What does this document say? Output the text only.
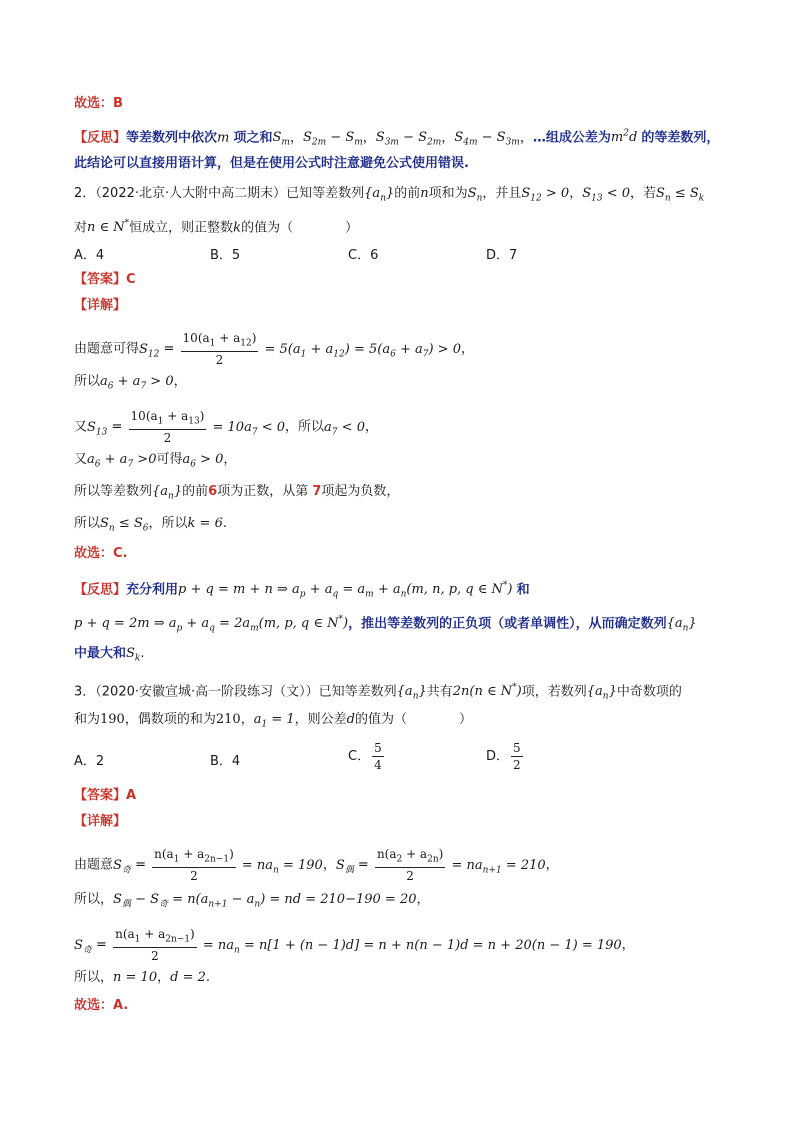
故选：B
【反思】等差数列中依次m 项之和$S_m$，$S_{2m} - S_m$，$S_{3m} - S_{2m}$，$S_{4m} - S_{3m}$，…组成公差为$m^2d$ 的等差数列，
此结论可以直接用语计算，但是在使用公式时注意避免公式使用错误.
2．（2022·北京·人大附中高二期末）已知等差数列$\{a_n\}$的前n项和为$S_n$，并且$S_{12} > 0$，$S_{13} < 0$，若$S_n \le S_k$
对n ∈ N*恒成立，则正整数k的值为（　　　　）
A．4	B．5	C．6	D．7
【答案】C
【详解】
由题意可得$S_{12} = \frac{10(a_1 + a_{12})}{2} = 5(a_1 + a_{12}) = 5(a_6 + a_7) > 0$，
所以$a_6 + a_7 > 0$，
又$S_{13} = \frac{10(a_1 + a_{13})}{2} = 10a_7 < 0$，所以$a_7 < 0$，
又$a_6 + a_7 >0$可得$a_6 > 0$，
所以等差数列$\{a_n\}$的前6项为正数，从第 7项起为负数，
所以$S_n \le S_6$，所以k = 6.
故选：C.
【反思】充分利用p + q = m + n ⇒ $a_p + a_q = a_m + a_n(m$, n, p, q ∈ N*) 和
p + q = 2m ⇒ $a_p + a_q = 2a_m(m$, p, q ∈ N*)，推出等差数列的正负项（或者单调性），从而确定数列$\{a_n\}$
中最大和$S_k$.
3．（2020·安徽宣城·高一阶段练习（文））已知等差数列$\{a_n\}$共有2n(n ∈ N*)项，若数列$\{a_n\}$中奇数项的
和为190，偶数项的和为210，$a_1 = 1$，则公差d的值为（　　　　）
A．2	B．4	C． $\frac{5}{4}$	D． $\frac{5}{2}$
【答案】A
【详解】
由题意$S_奇 = \frac{n(a_1 + a_{2n-1})}{2} = na_n = 190$，$S_偶 = \frac{n(a_2 + a_{2n})}{2} = na_{n+1} = 210$，
所以，$S_偶 - S_奇 = n(a_{n+1} - a_n)$ = nd = 210−190 = 20，
$S_奇 = \frac{n(a_1 + a_{2n-1})}{2} = na_n = n[1 + (n - 1)d] = n + n(n - 1)d = n + 20(n - 1) = 190$，
所以，n = 10，d = 2.
故选：A.
